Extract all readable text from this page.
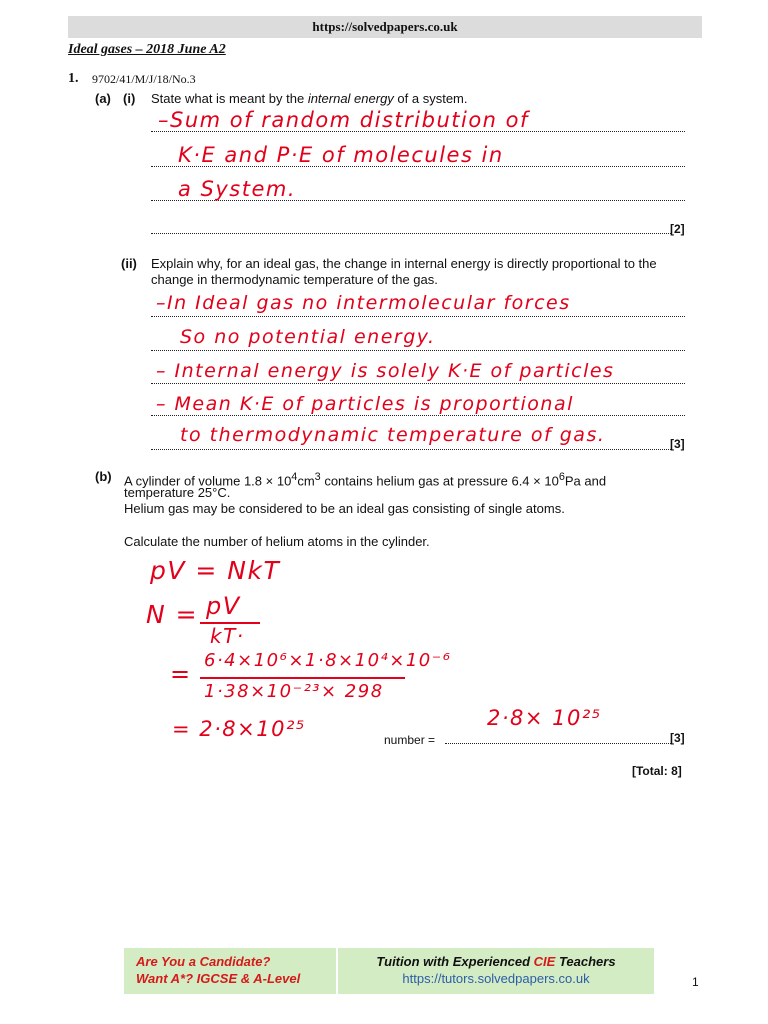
https://solvedpapers.co.uk
Ideal gases – 2018 June A2
1. 9702/41/M/J/18/No.3
(a) (i) State what is meant by the internal energy of a system.
[2]
–Sum of random distribution of
K·E and P·E of molecules in
a System.
(ii) Explain why, for an ideal gas, the change in internal energy is directly proportional to the
change in thermodynamic temperature of the gas.
[3]
–In Ideal gas no intermolecular forces
So no potential energy.
– Internal energy is solely K·E of particles
– Mean K·E of particles is proportional
to thermodynamic temperature of gas.
(b) A cylinder of volume $1.8 \times 10^4cm^3$ contains helium gas at pressure $6.4 \times 10^6Pa$ and
temperature 25°C.
Helium gas may be considered to be an ideal gas consisting of single atoms.
Calculate the number of helium atoms in the cylinder.
pV = NkT
N = pV
kT·
= 6·4×10⁶×1·8×10⁴×10⁻⁶
1·38×10⁻²³× 298
= 2·8×10²⁵	number =
2·8× 10²⁵
[3]
[Total: 8]
Are You a Candidate?
Want A*? IGCSE & A-Level
Tuition with Experienced CIE Teachers
https://tutors.solvedpapers.co.uk	1
